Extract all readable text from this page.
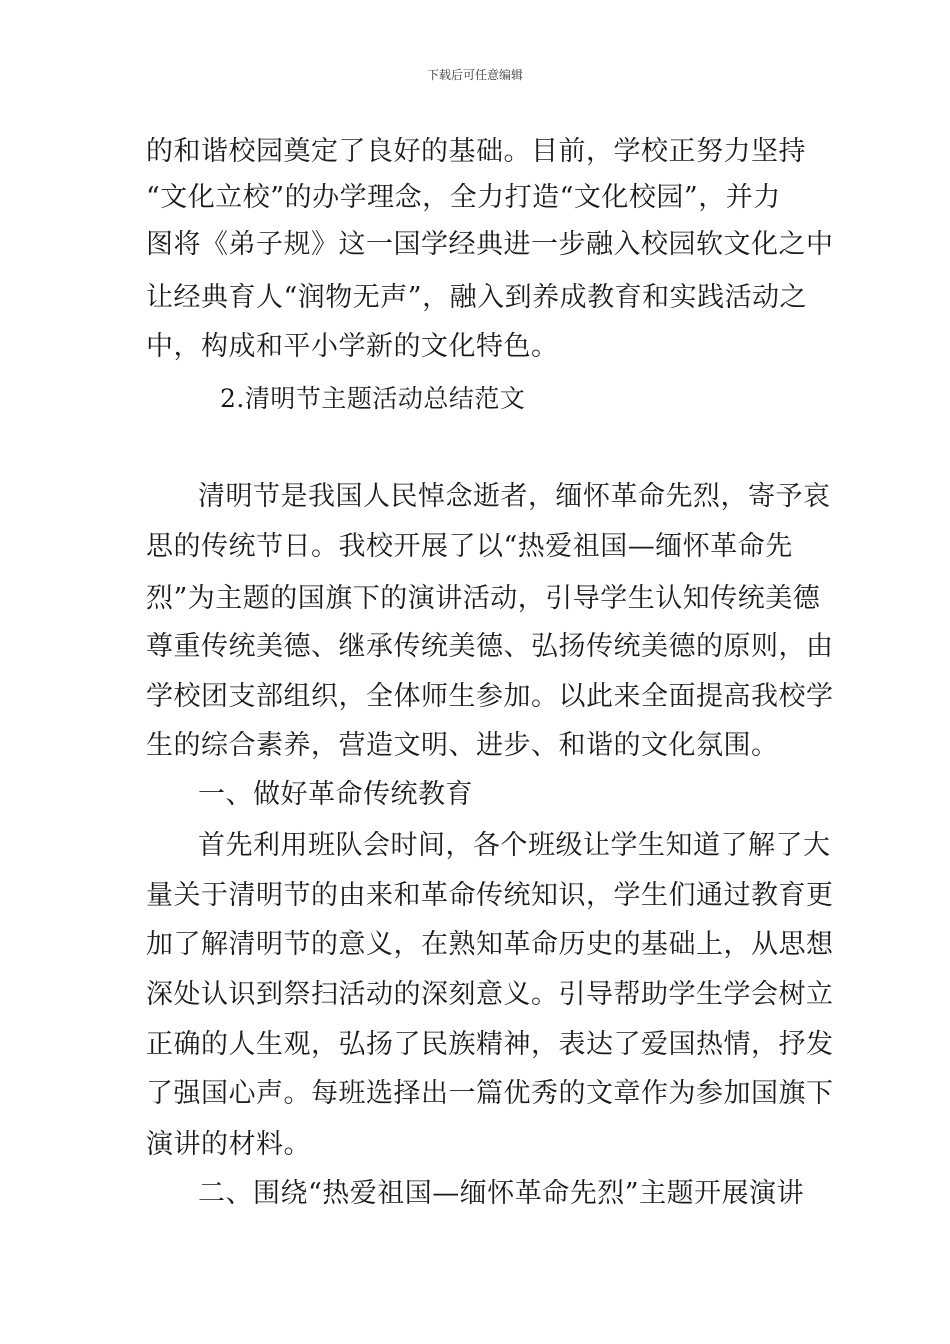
下载后可任意编辑
的和谐校园奠定了良好的基础。目前，学校正努力坚持
“文化立校”的办学理念，全力打造“文化校园”，并力
图将《弟子规》这一国学经典进一步融入校园软文化之中
让经典育人“润物无声”，融入到养成教育和实践活动之
中，构成和平小学新的文化特色。
2.清明节主题活动总结范文
清明节是我国人民悼念逝者，缅怀革命先烈，寄予哀
思的传统节日。我校开展了以“热爱祖国—缅怀革命先
烈”为主题的国旗下的演讲活动，引导学生认知传统美德
尊重传统美德、继承传统美德、弘扬传统美德的原则，由
学校团支部组织，全体师生参加。以此来全面提高我校学
生的综合素养，营造文明、进步、和谐的文化氛围。
一、做好革命传统教育
首先利用班队会时间，各个班级让学生知道了解了大
量关于清明节的由来和革命传统知识，学生们通过教育更
加了解清明节的意义，在熟知革命历史的基础上，从思想
深处认识到祭扫活动的深刻意义。引导帮助学生学会树立
正确的人生观，弘扬了民族精神，表达了爱国热情，抒发
了强国心声。每班选择出一篇优秀的文章作为参加国旗下
演讲的材料。
二、围绕“热爱祖国—缅怀革命先烈”主题开展演讲
